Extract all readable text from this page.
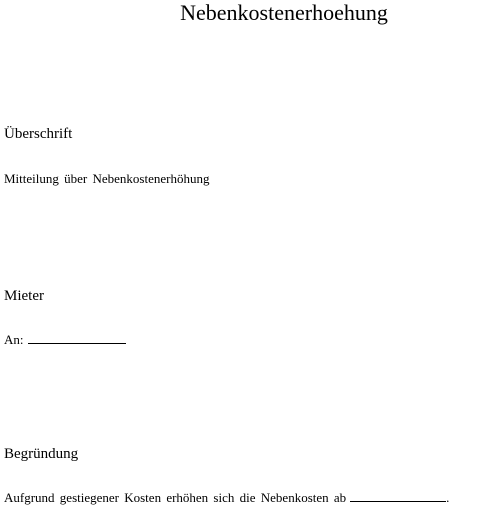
Nebenkostenerhoehung
Überschrift
Mitteilung über Nebenkostenerhöhung
Mieter
An:
Begründung
Aufgrund gestiegener Kosten erhöhen sich die Nebenkosten ab	.
